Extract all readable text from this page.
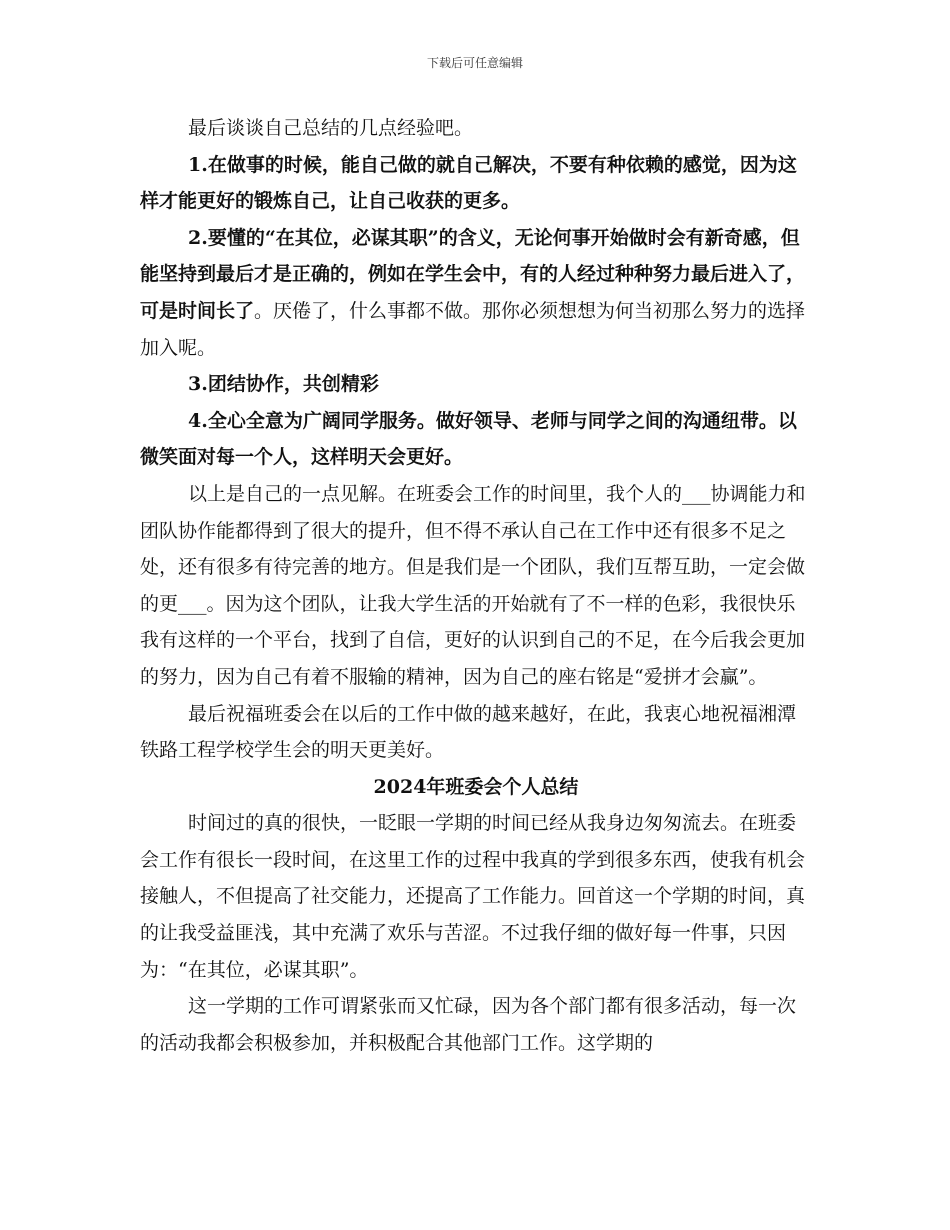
下载后可任意编辑

最后谈谈自己总结的几点经验吧。

1.在做事的时候，能自己做的就自己解决，不要有种依赖的感觉，因为这样才能更好的锻炼自己，让自己收获的更多。

2.要懂的“在其位，必谋其职”的含义，无论何事开始做时会有新奇感，但能坚持到最后才是正确的，例如在学生会中，有的人经过种种努力最后进入了，可是时间长了。厌倦了，什么事都不做。那你必须想想为何当初那么努力的选择加入呢。

3.团结协作，共创精彩

4.全心全意为广阔同学服务。做好领导、老师与同学之间的沟通纽带。以微笑面对每一个人，这样明天会更好。

以上是自己的一点见解。在班委会工作的时间里，我个人的___协调能力和团队协作能都得到了很大的提升，但不得不承认自己在工作中还有很多不足之处，还有很多有待完善的地方。但是我们是一个团队，我们互帮互助，一定会做的更___。因为这个团队，让我大学生活的开始就有了不一样的色彩，我很快乐我有这样的一个平台，找到了自信，更好的认识到自己的不足，在今后我会更加的努力，因为自己有着不服输的精神，因为自己的座右铭是“爱拼才会赢”。

最后祝福班委会在以后的工作中做的越来越好，在此，我衷心地祝福湘潭铁路工程学校学生会的明天更美好。

2024年班委会个人总结

时间过的真的很快，一眨眼一学期的时间已经从我身边匆匆流去。在班委会工作有很长一段时间，在这里工作的过程中我真的学到很多东西，使我有机会接触人，不但提高了社交能力，还提高了工作能力。回首这一个学期的时间，真的让我受益匪浅，其中充满了欢乐与苦涩。不过我仔细的做好每一件事，只因为：“在其位，必谋其职”。

这一学期的工作可谓紧张而又忙碌，因为各个部门都有很多活动，每一次的活动我都会积极参加，并积极配合其他部门工作。这学期的
